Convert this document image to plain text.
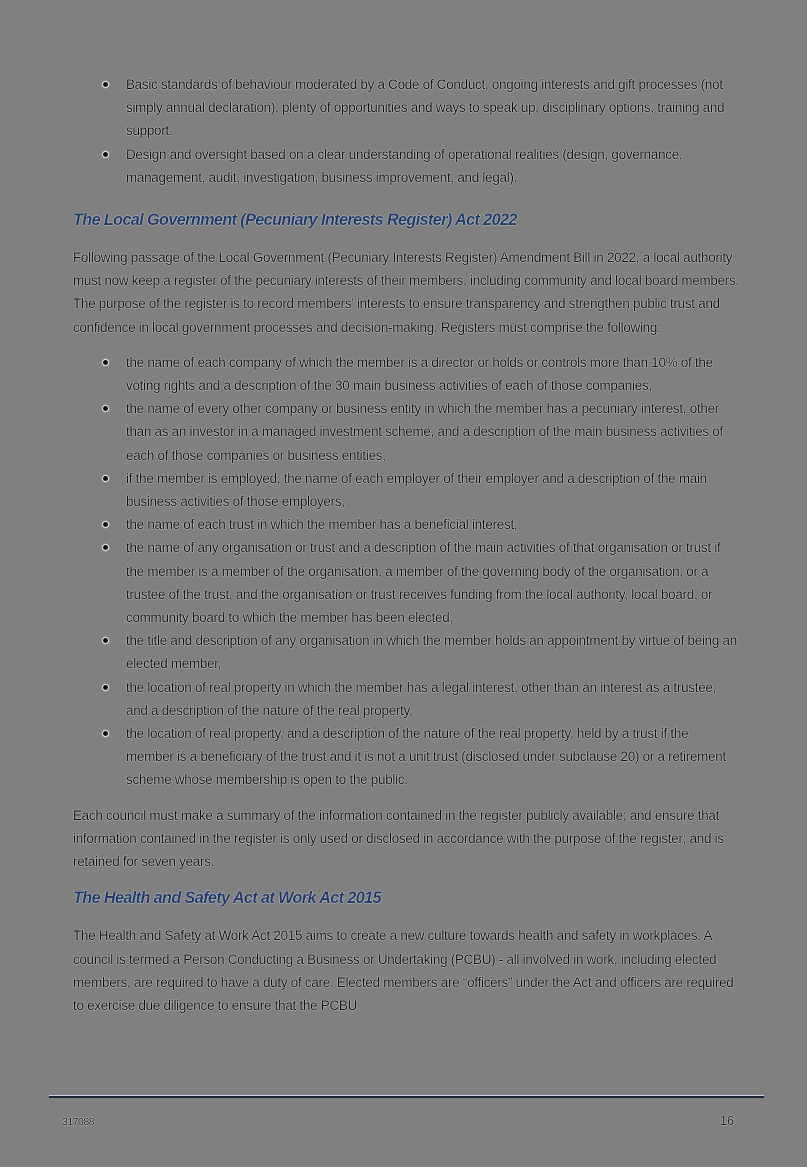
Basic standards of behaviour moderated by a Code of Conduct, ongoing interests and gift processes (not simply annual declaration), plenty of opportunities and ways to speak up, disciplinary options, training and support.
Design and oversight based on a clear understanding of operational realities (design, governance, management, audit, investigation, business improvement, and legal).
The Local Government (Pecuniary Interests Register) Act 2022

Following passage of the Local Government (Pecuniary Interests Register) Amendment Bill in 2022, a local authority must now keep a register of the pecuniary interests of their members, including community and local board members. The purpose of the register is to record members’ interests to ensure transparency and strengthen public trust and confidence in local government processes and decision-making. Registers must comprise the following:

the name of each company of which the member is a director or holds or controls more than 10% of the voting rights and a description of the 30 main business activities of each of those companies,
the name of every other company or business entity in which the member has a pecuniary interest, other than as an investor in a managed investment scheme, and a description of the main business activities of each of those companies or business entities,
if the member is employed, the name of each employer of their employer and a description of the main business activities of those employers,
the name of each trust in which the member has a beneficial interest,
the name of any organisation or trust and a description of the main activities of that organisation or trust if the member is a member of the organisation, a member of the governing body of the organisation, or a trustee of the trust, and the organisation or trust receives funding from the local authority, local board, or community board to which the member has been elected,
the title and description of any organisation in which the member holds an appointment by virtue of being an elected member,
the location of real property in which the member has a legal interest, other than an interest as a trustee, and a description of the nature of the real property,
the location of real property, and a description of the nature of the real property, held by a trust if the member is a beneficiary of the trust and it is not a unit trust (disclosed under subclause 20) or a retirement scheme whose membership is open to the public.

Each council must make a summary of the information contained in the register publicly available; and ensure that information contained in the register is only used or disclosed in accordance with the purpose of the register; and is retained for seven years.

The Health and Safety Act at Work Act 2015

The Health and Safety at Work Act 2015 aims to create a new culture towards health and safety in workplaces. A council is termed a Person Conducting a Business or Undertaking (PCBU) - all involved in work, including elected members, are required to have a duty of care. Elected members are “officers” under the Act and officers are required to exercise due diligence to ensure that the PCBU

317088	16
